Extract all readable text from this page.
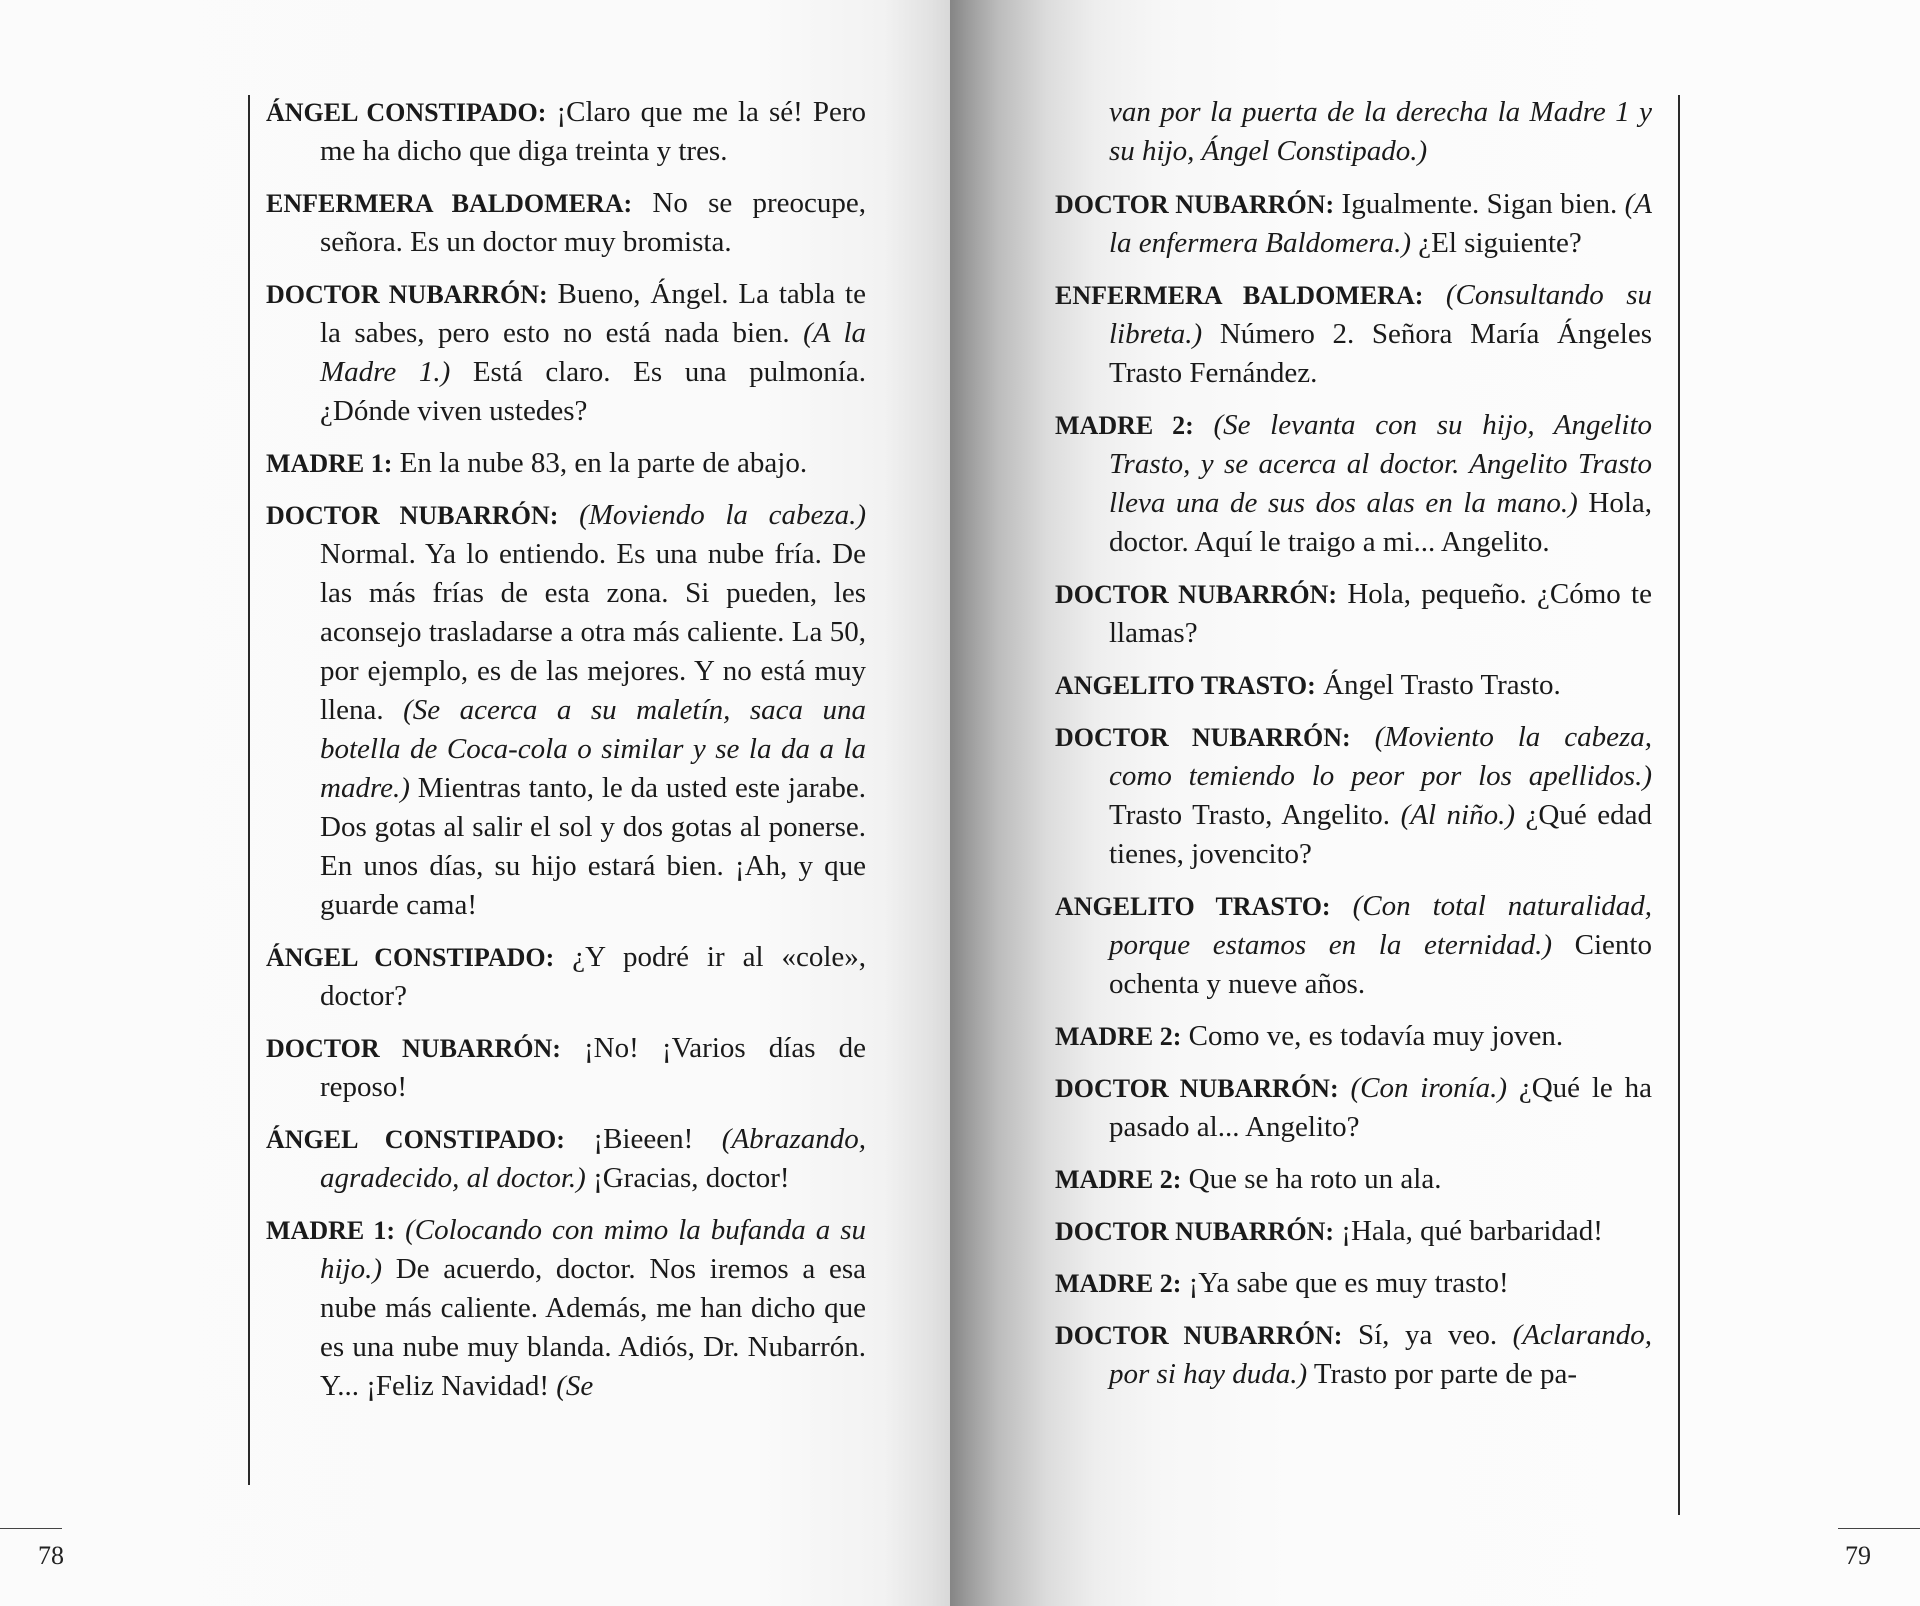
ÁNGEL CONSTIPADO: ¡Claro que me la sé! Pero me ha dicho que diga treinta y tres.

ENFERMERA BALDOMERA: No se preocupe, señora. Es un doctor muy bromista.

DOCTOR NUBARRÓN: Bueno, Ángel. La tabla te la sabes, pero esto no está nada bien. (A la Madre 1.) Está claro. Es una pulmonía. ¿Dónde viven ustedes?

MADRE 1: En la nube 83, en la parte de abajo.

DOCTOR NUBARRÓN: (Moviendo la cabeza.) Normal. Ya lo entiendo. Es una nube fría. De las más frías de esta zona. Si pueden, les aconsejo trasladarse a otra más caliente. La 50, por ejemplo, es de las mejores. Y no está muy llena. (Se acerca a su maletín, saca una botella de Coca-cola o similar y se la da a la madre.) Mientras tanto, le da usted este jarabe. Dos gotas al salir el sol y dos gotas al ponerse. En unos días, su hijo estará bien. ¡Ah, y que guarde cama!

ÁNGEL CONSTIPADO: ¿Y podré ir al «cole», doctor?

DOCTOR NUBARRÓN: ¡No! ¡Varios días de reposo!

ÁNGEL CONSTIPADO: ¡Bieeen! (Abrazando, agradecido, al doctor.) ¡Gracias, doctor!

MADRE 1: (Colocando con mimo la bufanda a su hijo.) De acuerdo, doctor. Nos iremos a esa nube más caliente. Además, me han dicho que es una nube muy blanda. Adiós, Dr. Nubarrón. Y... ¡Feliz Navidad! (Se

78

van por la puerta de la derecha la Madre 1 y su hijo, Ángel Constipado.)

DOCTOR NUBARRÓN: Igualmente. Sigan bien. (A la enfermera Baldomera.) ¿El siguiente?

ENFERMERA BALDOMERA: (Consultando su libreta.) Número 2. Señora María Ángeles Trasto Fernández.

MADRE 2: (Se levanta con su hijo, Angelito Trasto, y se acerca al doctor. Angelito Trasto lleva una de sus dos alas en la mano.) Hola, doctor. Aquí le traigo a mi... Angelito.

DOCTOR NUBARRÓN: Hola, pequeño. ¿Cómo te llamas?

ANGELITO TRASTO: Ángel Trasto Trasto.

DOCTOR NUBARRÓN: (Moviento la cabeza, como temiendo lo peor por los apellidos.) Trasto Trasto, Angelito. (Al niño.) ¿Qué edad tienes, jovencito?

ANGELITO TRASTO: (Con total naturalidad, porque estamos en la eternidad.) Ciento ochenta y nueve años.

MADRE 2: Como ve, es todavía muy joven.

DOCTOR NUBARRÓN: (Con ironía.) ¿Qué le ha pasado al... Angelito?

MADRE 2: Que se ha roto un ala.

DOCTOR NUBARRÓN: ¡Hala, qué barbaridad!

MADRE 2: ¡Ya sabe que es muy trasto!

DOCTOR NUBARRÓN: Sí, ya veo. (Aclarando, por si hay duda.) Trasto por parte de pa-

79
